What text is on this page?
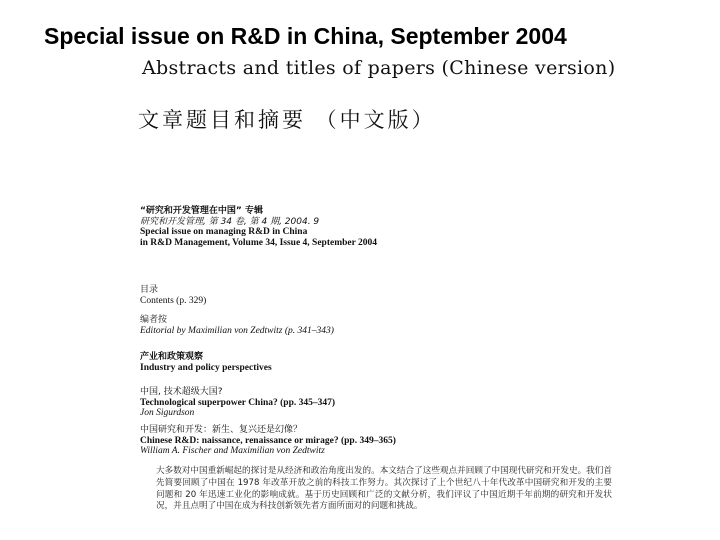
Special issue on R&D in China, September 2004
Abstracts and titles of papers (Chinese version)
文章题目和摘要 （中文版）
“研究和开发管理在中国” 专辑
研究和开发管理, 第 34 卷, 第 4 期, 2004. 9
Special issue on managing R&D in China
in R&D Management, Volume 34, Issue 4, September 2004
目录
Contents (p. 329)
编者按
Editorial by Maximilian von Zedtwitz (p. 341–343)
产业和政策观察
Industry and policy perspectives
中国, 技术超级大国?
Technological superpower China? (pp. 345–347)
Jon Sigurdson
中国研究和开发：新生、复兴还是幻像？
Chinese R&D: naissance, renaissance or mirage? (pp. 349–365)
William A. Fischer and Maximilian von Zedtwitz
大多数对中国重新崛起的探讨是从经济和政治角度出发的。本文结合了这些观点并回顾了中国现代研究和开发史。我们首先简要回顾了中国在 1978 年改革开放之前的科技工作努力。其次探讨了上个世纪八十年代改革中国研究和开发的主要问题和 20 年迅速工业化的影响成就。基于历史回顾和广泛的文献分析，我们评议了中国近期千年前期的研究和开发状况，并且点明了中国在成为科技创新领先者方面所面对的问题和挑战。
